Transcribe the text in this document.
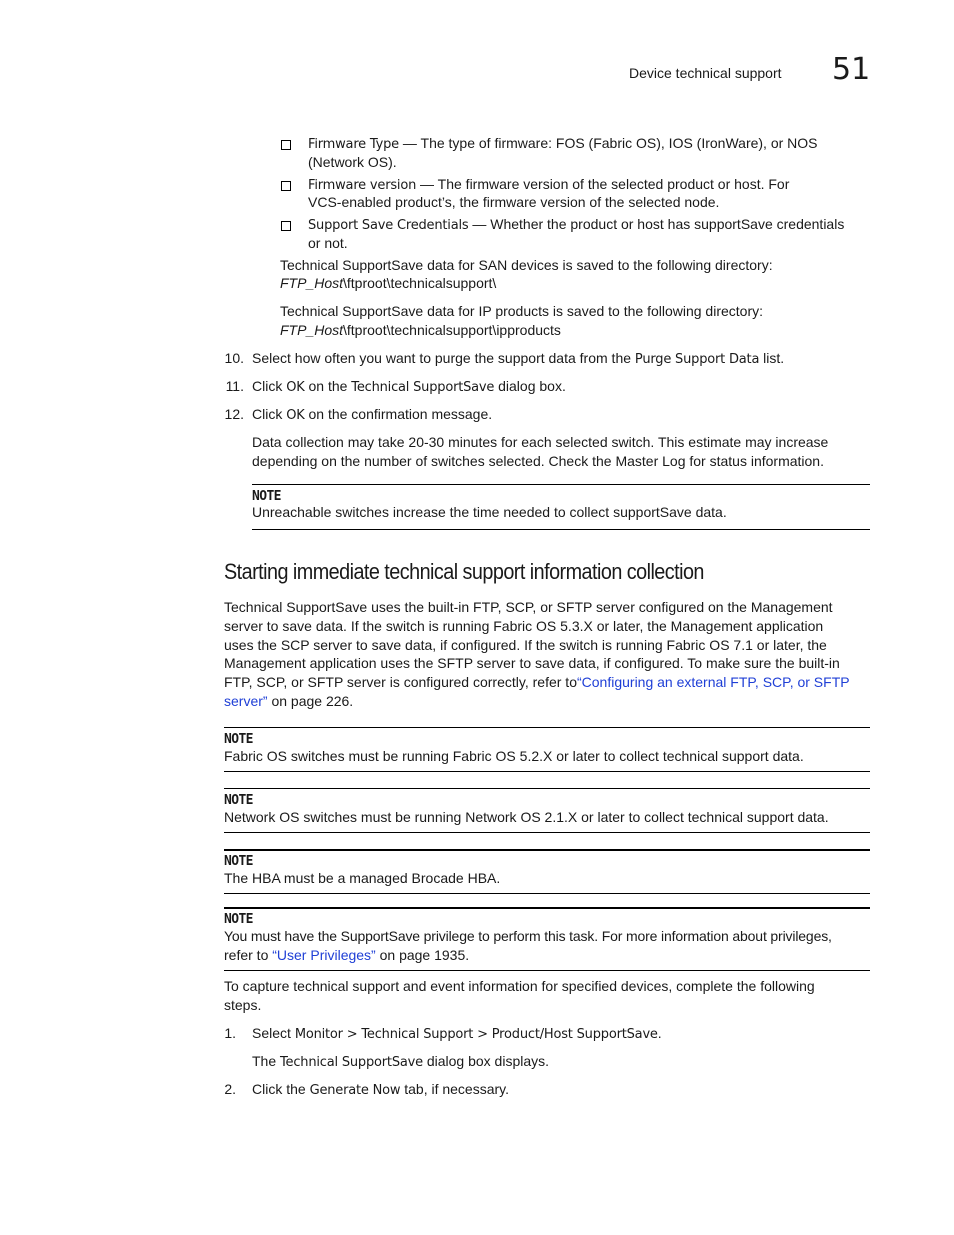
Device technical support 51
Firmware Type — The type of firmware: FOS (Fabric OS), IOS (IronWare), or NOS
(Network OS).
Firmware version — The firmware version of the selected product or host. For
VCS-enabled product’s, the firmware version of the selected node.
Support Save Credentials — Whether the product or host has supportSave credentials
or not.
Technical SupportSave data for SAN devices is saved to the following directory:
FTP_Host\ftproot\technicalsupport\
Technical SupportSave data for IP products is saved to the following directory:
FTP_Host\ftproot\technicalsupport\ipproducts
10. Select how often you want to purge the support data from the Purge Support Data list.
11. Click OK on the Technical SupportSave dialog box.
12. Click OK on the confirmation message.
Data collection may take 20-30 minutes for each selected switch. This estimate may increase
depending on the number of switches selected. Check the Master Log for status information.
NOTE
Unreachable switches increase the time needed to collect supportSave data.
Starting immediate technical support information collection
Technical SupportSave uses the built-in FTP, SCP, or SFTP server configured on the Management
server to save data. If the switch is running Fabric OS 5.3.X or later, the Management application
uses the SCP server to save data, if configured. If the switch is running Fabric OS 7.1 or later, the
Management application uses the SFTP server to save data, if configured. To make sure the built-in
FTP, SCP, or SFTP server is configured correctly, refer to“Configuring an external FTP, SCP, or SFTP
server” on page 226.
NOTE
Fabric OS switches must be running Fabric OS 5.2.X or later to collect technical support data.
NOTE
Network OS switches must be running Network OS 2.1.X or later to collect technical support data.
NOTE
The HBA must be a managed Brocade HBA.
NOTE
You must have the SupportSave privilege to perform this task. For more information about privileges,
refer to “User Privileges” on page 1935.
To capture technical support and event information for specified devices, complete the following
steps.
1. Select Monitor > Technical Support > Product/Host SupportSave.
The Technical SupportSave dialog box displays.
2. Click the Generate Now tab, if necessary.
